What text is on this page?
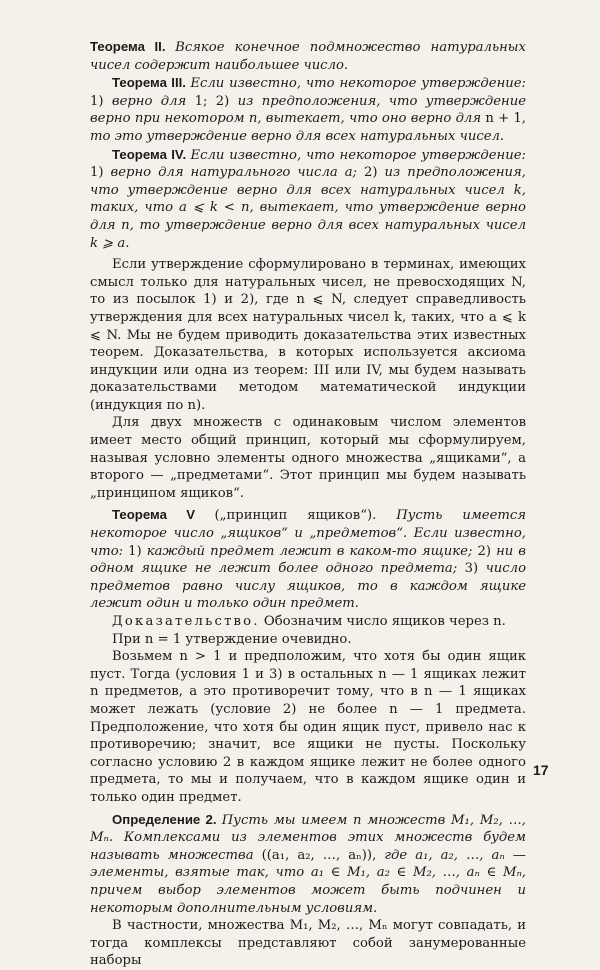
Теорема II. Всякое конечное подмножество натуральных чисел содержит наибольшее число.

Теорема III. Если известно, что некоторое утверждение: 1) верно для 1; 2) из предположения, что утверждение верно при некотором n, вытекает, что оно верно для n + 1, то это утверждение верно для всех натуральных чисел.

Теорема IV. Если известно, что некоторое утверждение: 1) верно для натурального числа a; 2) из предположения, что утверждение верно для всех натуральных чисел k, таких, что a ⩽ k < n, вытекает, что утверждение верно для n, то утверждение верно для всех натуральных чисел k ⩾ a.

Если утверждение сформулировано в терминах, имеющих смысл только для натуральных чисел, не превосходящих N, то из посылок 1) и 2), где n ⩽ N, следует справедливость утверждения для всех натуральных чисел k, таких, что a ⩽ k ⩽ N. Мы не будем приводить доказательства этих известных теорем. Доказательства, в которых используется аксиома индукции или одна из теорем: III или IV, мы будем называть доказательствами методом математической индукции (индукция по n).

Для двух множеств с одинаковым числом элементов имеет место общий принцип, который мы сформулируем, называя условно элементы одного множества „ящиками“, а второго — „предметами“. Этот принцип мы будем называть „принципом ящиков“.

Теорема V („принцип ящиков“). Пусть имеется некоторое число „ящиков“ и „предметов“. Если известно, что: 1) каждый предмет лежит в каком-то ящике; 2) ни в одном ящике не лежит более одного предмета; 3) число предметов равно числу ящиков, то в каждом ящике лежит один и только один предмет.

Доказательство. Обозначим число ящиков через n.

При n = 1 утверждение очевидно.

Возьмем n > 1 и предположим, что хотя бы один ящик пуст. Тогда (условия 1 и 3) в остальных n — 1 ящиках лежит n предметов, а это противоречит тому, что в n — 1 ящиках может лежать (условие 2) не более n — 1 предмета. Предположение, что хотя бы один ящик пуст, привело нас к противоречию; значит, все ящики не пусты. Поскольку согласно условию 2 в каждом ящике лежит не более одного предмета, то мы и получаем, что в каждом ящике один и только один предмет.

Определение 2. Пусть мы имеем n множеств M₁, M₂, …, Mₙ. Комплексами из элементов этих множеств будем называть множества ((a₁, a₂, …, aₙ)), где a₁, a₂, …, aₙ — элементы, взятые так, что a₁ ∈ M₁, a₂ ∈ M₂, …, aₙ ∈ Mₙ, причем выбор элементов может быть подчинен и некоторым дополнительным условиям.

В частности, множества M₁, M₂, …, Mₙ могут совпадать, и тогда комплексы представляют собой занумерованные наборы

17
